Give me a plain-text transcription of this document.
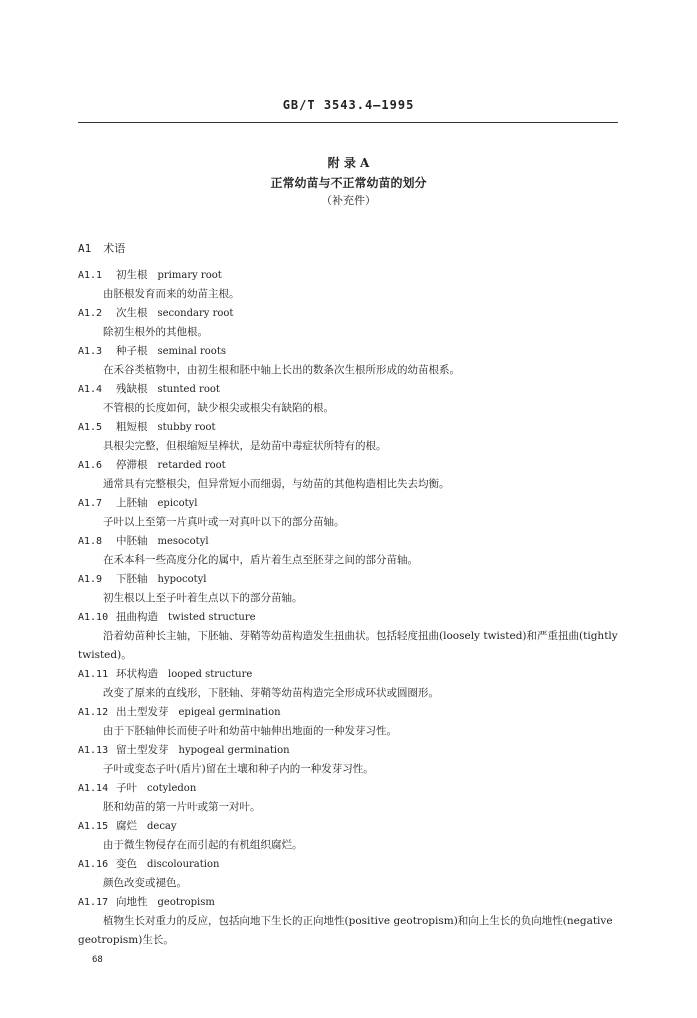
GB/T 3543.4—1995
附 录 A
正常幼苗与不正常幼苗的划分
（补充件）
A1 术语
A1.1 初生根 primary root
由胚根发育而来的幼苗主根。
A1.2 次生根 secondary root
除初生根外的其他根。
A1.3 种子根 seminal roots
在禾谷类植物中，由初生根和胚中轴上长出的数条次生根所形成的幼苗根系。
A1.4 残缺根 stunted root
不管根的长度如何，缺少根尖或根尖有缺陷的根。
A1.5 粗短根 stubby root
具根尖完整，但根缩短呈棒状，是幼苗中毒症状所特有的根。
A1.6 停滞根 retarded root
通常具有完整根尖，但异常短小而细弱，与幼苗的其他构造相比失去均衡。
A1.7 上胚轴 epicotyl
子叶以上至第一片真叶或一对真叶以下的部分苗轴。
A1.8 中胚轴 mesocotyl
在禾本科一些高度分化的属中，盾片着生点至胚芽之间的部分苗轴。
A1.9 下胚轴 hypocotyl
初生根以上至子叶着生点以下的部分苗轴。
A1.10 扭曲构造 twisted structure
沿着幼苗种长主轴，下胚轴、芽鞘等幼苗构造发生扭曲状。包括轻度扭曲(loosely twisted)和严重扭曲(tightly twisted)。
A1.11 环状构造 looped structure
改变了原来的直线形，下胚轴、芽鞘等幼苗构造完全形成环状或圆圈形。
A1.12 出土型发芽 epigeal germination
由于下胚轴伸长而使子叶和幼苗中轴伸出地面的一种发芽习性。
A1.13 留土型发芽 hypogeal germination
子叶或变态子叶(盾片)留在土壤和种子内的一种发芽习性。
A1.14 子叶 cotyledon
胚和幼苗的第一片叶或第一对叶。
A1.15 腐烂 decay
由于微生物侵存在而引起的有机组织腐烂。
A1.16 变色 discolouration
颜色改变或褪色。
A1.17 向地性 geotropism
植物生长对重力的反应，包括向地下生长的正向地性(positive geotropism)和向上生长的负向地性(negative geotropism)生长。
68
